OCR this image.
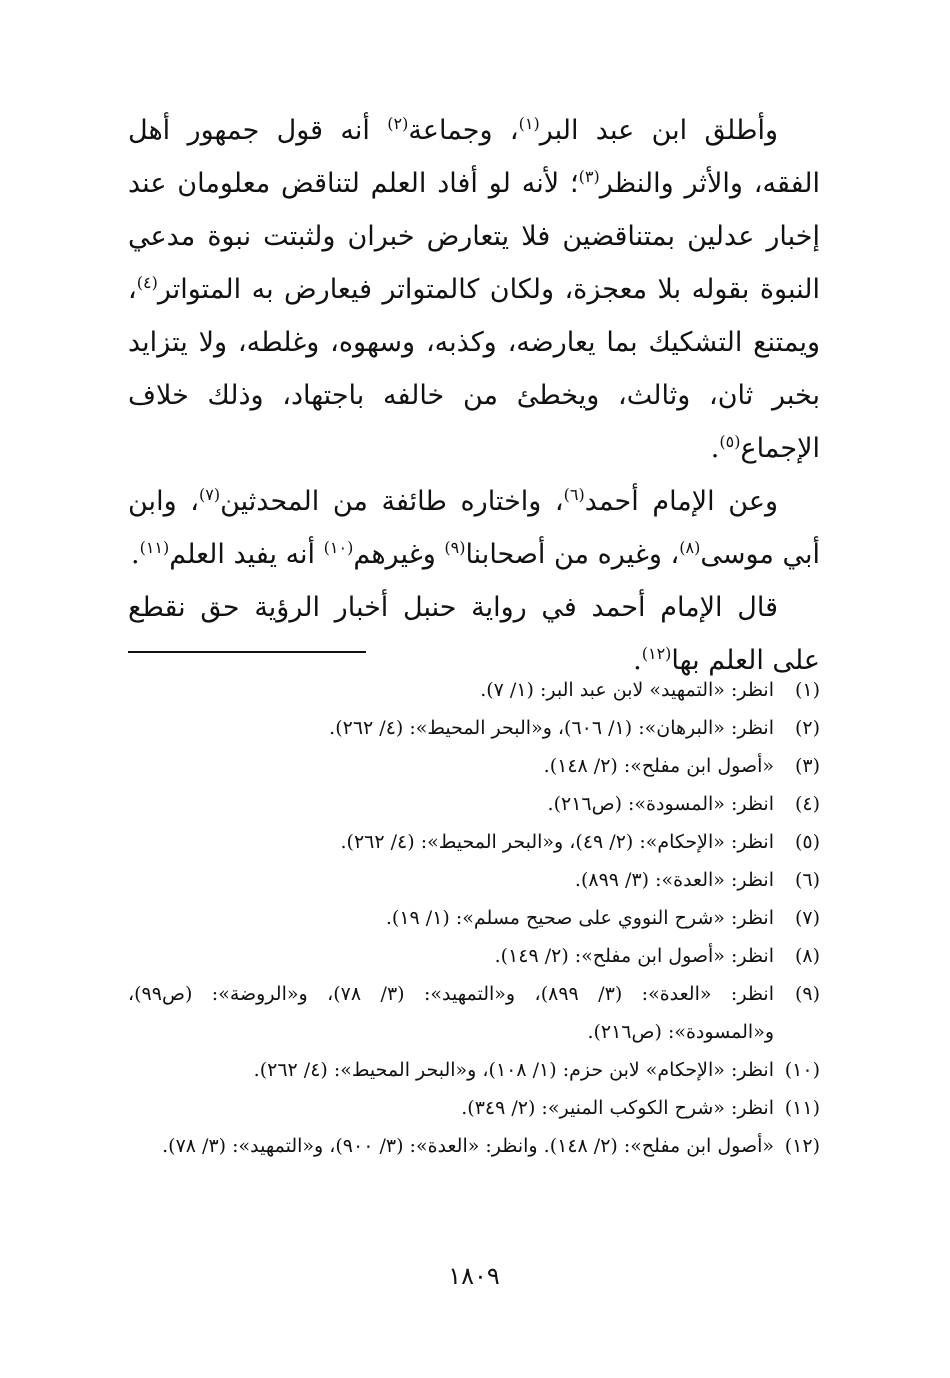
وأطلق ابن عبد البر$^{(١)}$، وجماعة$^{(٢)}$ أنه قول جمهور أهل الفقه، والأثر والنظر$^{(٣)}$؛ لأنه لو أفاد العلم لتناقض معلومان عند إخبار عدلين بمتناقضين فلا يتعارض خبران ولثبتت نبوة مدعي النبوة بقوله بلا معجزة، ولكان كالمتواتر فيعارض به المتواتر$^{(٤)}$، ويمتنع التشكيك بما يعارضه، وكذبه، وسهوه، وغلطه، ولا يتزايد بخبر ثان، وثالث، ويخطئ من خالفه باجتهاد، وذلك خلاف الإجماع$^{(٥)}$.

وعن الإمام أحمد$^{(٦)}$، واختاره طائفة من المحدثين$^{(٧)}$، وابن أبي موسى$^{(٨)}$، وغيره من أصحابنا$^{(٩)}$ وغيرهم$^{(١٠)}$ أنه يفيد العلم$^{(١١)}$.

قال الإمام أحمد في رواية حنبل أخبار الرؤية حق نقطع على العلم بها$^{(١٢)}$.

(١)
انظر: «التمهيد» لابن عبد البر: (١/ ٧).
(٢)
انظر: «البرهان»: (١/ ٦٠٦)، و«البحر المحيط»: (٤/ ٢٦٢).
(٣)
«أصول ابن مفلح»: (٢/ ١٤٨).
(٤)
انظر: «المسودة»: (ص٢١٦).
(٥)
انظر: «الإحكام»: (٢/ ٤٩)، و«البحر المحيط»: (٤/ ٢٦٢).
(٦)
انظر: «العدة»: (٣/ ٨٩٩).
(٧)
انظر: «شرح النووي على صحيح مسلم»: (١/ ١٩).
(٨)
انظر: «أصول ابن مفلح»: (٢/ ١٤٩).
(٩)
انظر: «العدة»: (٣/ ٨٩٩)، و«التمهيد»: (٣/ ٧٨)، و«الروضة»: (ص٩٩)، و«المسودة»: (ص٢١٦).
(١٠)
انظر: «الإحكام» لابن حزم: (١/ ١٠٨)، و«البحر المحيط»: (٤/ ٢٦٢).
(١١)
انظر: «شرح الكوكب المنير»: (٢/ ٣٤٩).
(١٢)
«أصول ابن مفلح»: (٢/ ١٤٨). وانظر: «العدة»: (٣/ ٩٠٠)، و«التمهيد»: (٣/ ٧٨).
١٨٠٩
